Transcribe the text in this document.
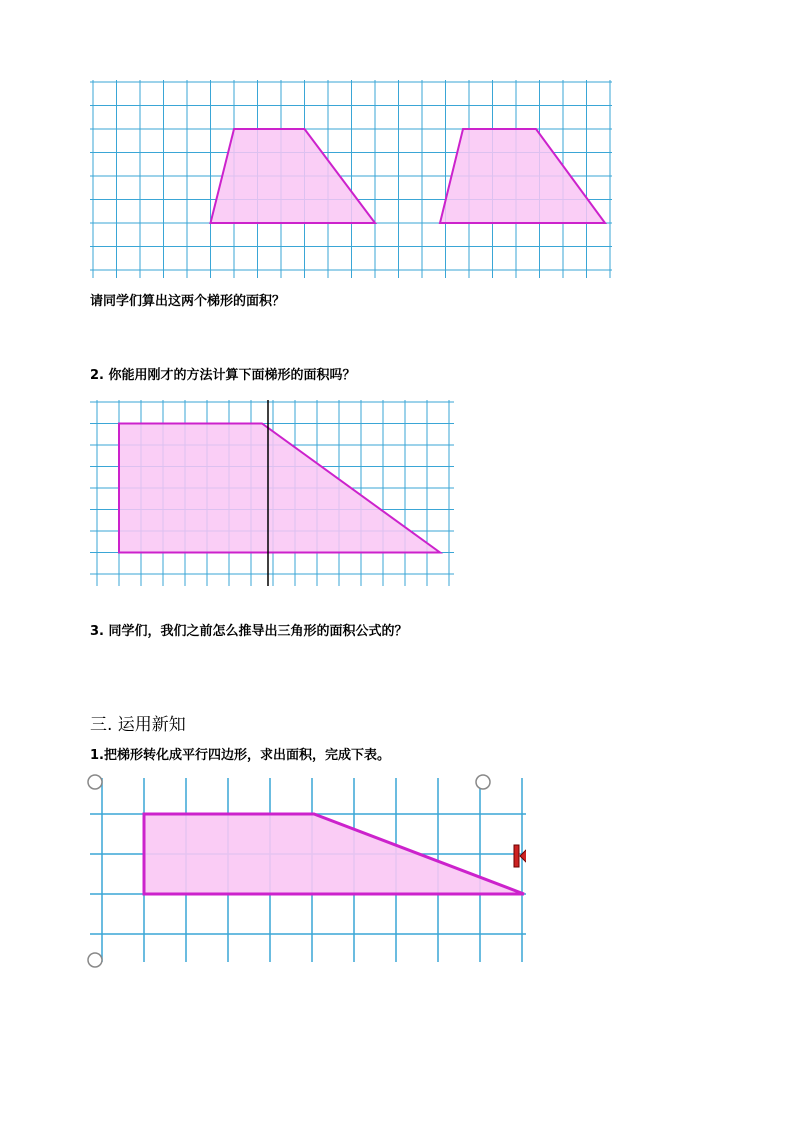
请同学们算出这两个梯形的面积？
2. 你能用刚才的方法计算下面梯形的面积吗？
3. 同学们，我们之前怎么推导出三角形的面积公式的？
三. 运用新知
1.把梯形转化成平行四边形，求出面积，完成下表。
